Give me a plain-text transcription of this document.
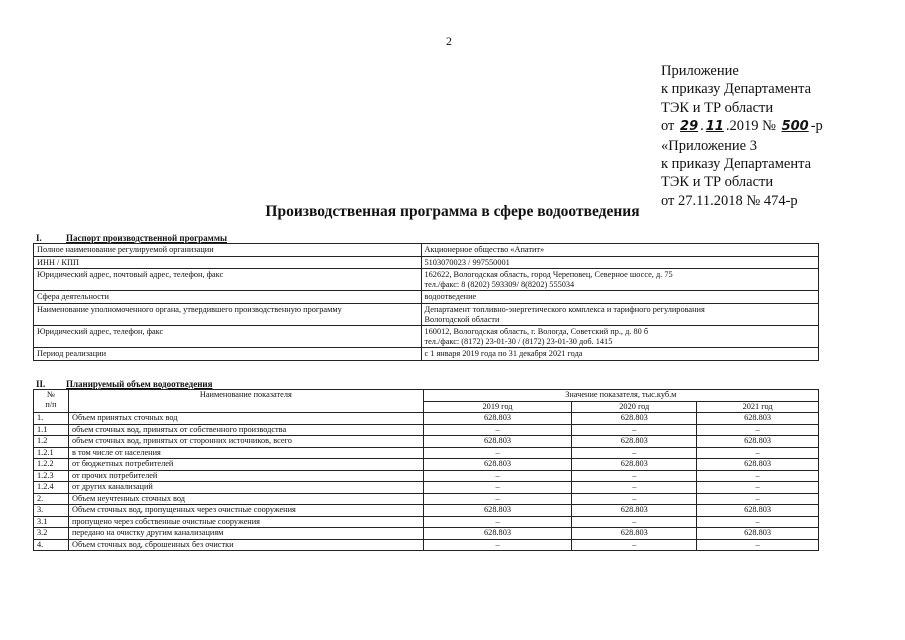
2
Приложение
к приказу Департамента
ТЭК и ТР области
от 29 . 11 .2019 № 500 -р
«Приложение 3
к приказу Департамента
ТЭК и ТР области
от 27.11.2018 № 474-р
Производственная программа в сфере водоотведения
I.	Паспорт производственной программы
Полное наименование регулируемой организации	Акционерное общество «Апатит»
ИНН / КПП	5103070023 / 997550001
Юридический адрес, почтовый адрес, телефон, факс	162622, Вологодская область, город Череповец, Северное шоссе, д. 75
тел./факс: 8 (8202) 593309/ 8(8202) 555034

Сфера деятельности	водоотведение
Наименование уполномоченного органа, утвердившего производственную программу	Департамент топливно-энергетического комплекса и тарифного регулирования
Вологодской области

Юридический адрес, телефон, факс	160012, Вологодская область, г. Вологда, Советский пр., д. 80 б
тел./факс: (8172) 23-01-30 / (8172) 23-01-30 доб. 1415

Период реализации	с 1 января 2019 года по 31 декабря 2021 года
II. Планируемый объем водоотведения
№
п/п	Наименование показателя	Значение показателя, тыс.куб.м		
		2019 год	2020 год	2021 год
1.	Объем принятых сточных вод	628.803	628.803	628.803
1.1	объем сточных вод, принятых от собственного производства	–	–	–
1.2	объем сточных вод, принятых от сторонних источников, всего	628.803	628.803	628.803
1.2.1	в том числе от населения	–	–	–
1.2.2	от бюджетных потребителей	628.803	628.803	628.803
1.2.3	от прочих потребителей	–	–	–
1.2.4	от других канализаций	–	–	–
2.	Объем неучтенных сточных вод	–	–	–
3.	Объем сточных вод, пропущенных через очистные сооружения	628.803	628.803	628.803
3.1	пропущено через собственные очистные сооружения	–	–	–
3.2	передано на очистку другим канализациям	628.803	628.803	628.803
4.	Объем сточных вод, сброшенных без очистки	–	–	–
